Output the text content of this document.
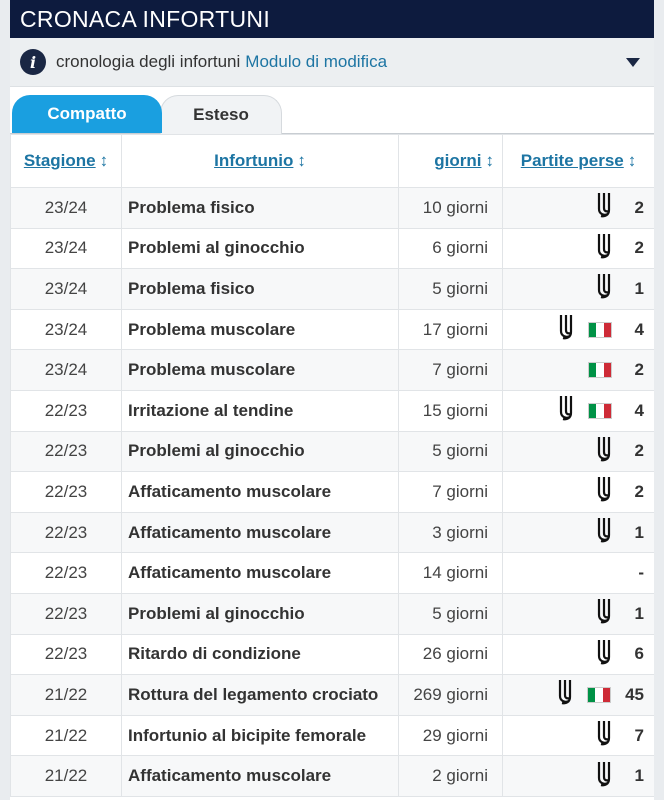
CRONACA INFORTUNI
i	cronologia degli infortuni Modulo di modifica
Esteso
Compatto
Stagione ↕	Infortunio ↕	giorni ↕	Partite perse ↕
23/24	Problema fisico	10 giorni	2
23/24	Problemi al ginocchio	6 giorni	2
23/24	Problema fisico	5 giorni	1
23/24	Problema muscolare	17 giorni	4
23/24	Problema muscolare	7 giorni	2
22/23	Irritazione al tendine	15 giorni	4
22/23	Problemi al ginocchio	5 giorni	2
22/23	Affaticamento muscolare	7 giorni	2
22/23	Affaticamento muscolare	3 giorni	1
22/23	Affaticamento muscolare	14 giorni	-
22/23	Problemi al ginocchio	5 giorni	1
22/23	Ritardo di condizione	26 giorni	6
21/22	Rottura del legamento crociato	269 giorni	45
21/22	Infortunio al bicipite femorale	29 giorni	7
21/22	Affaticamento muscolare	2 giorni	1
